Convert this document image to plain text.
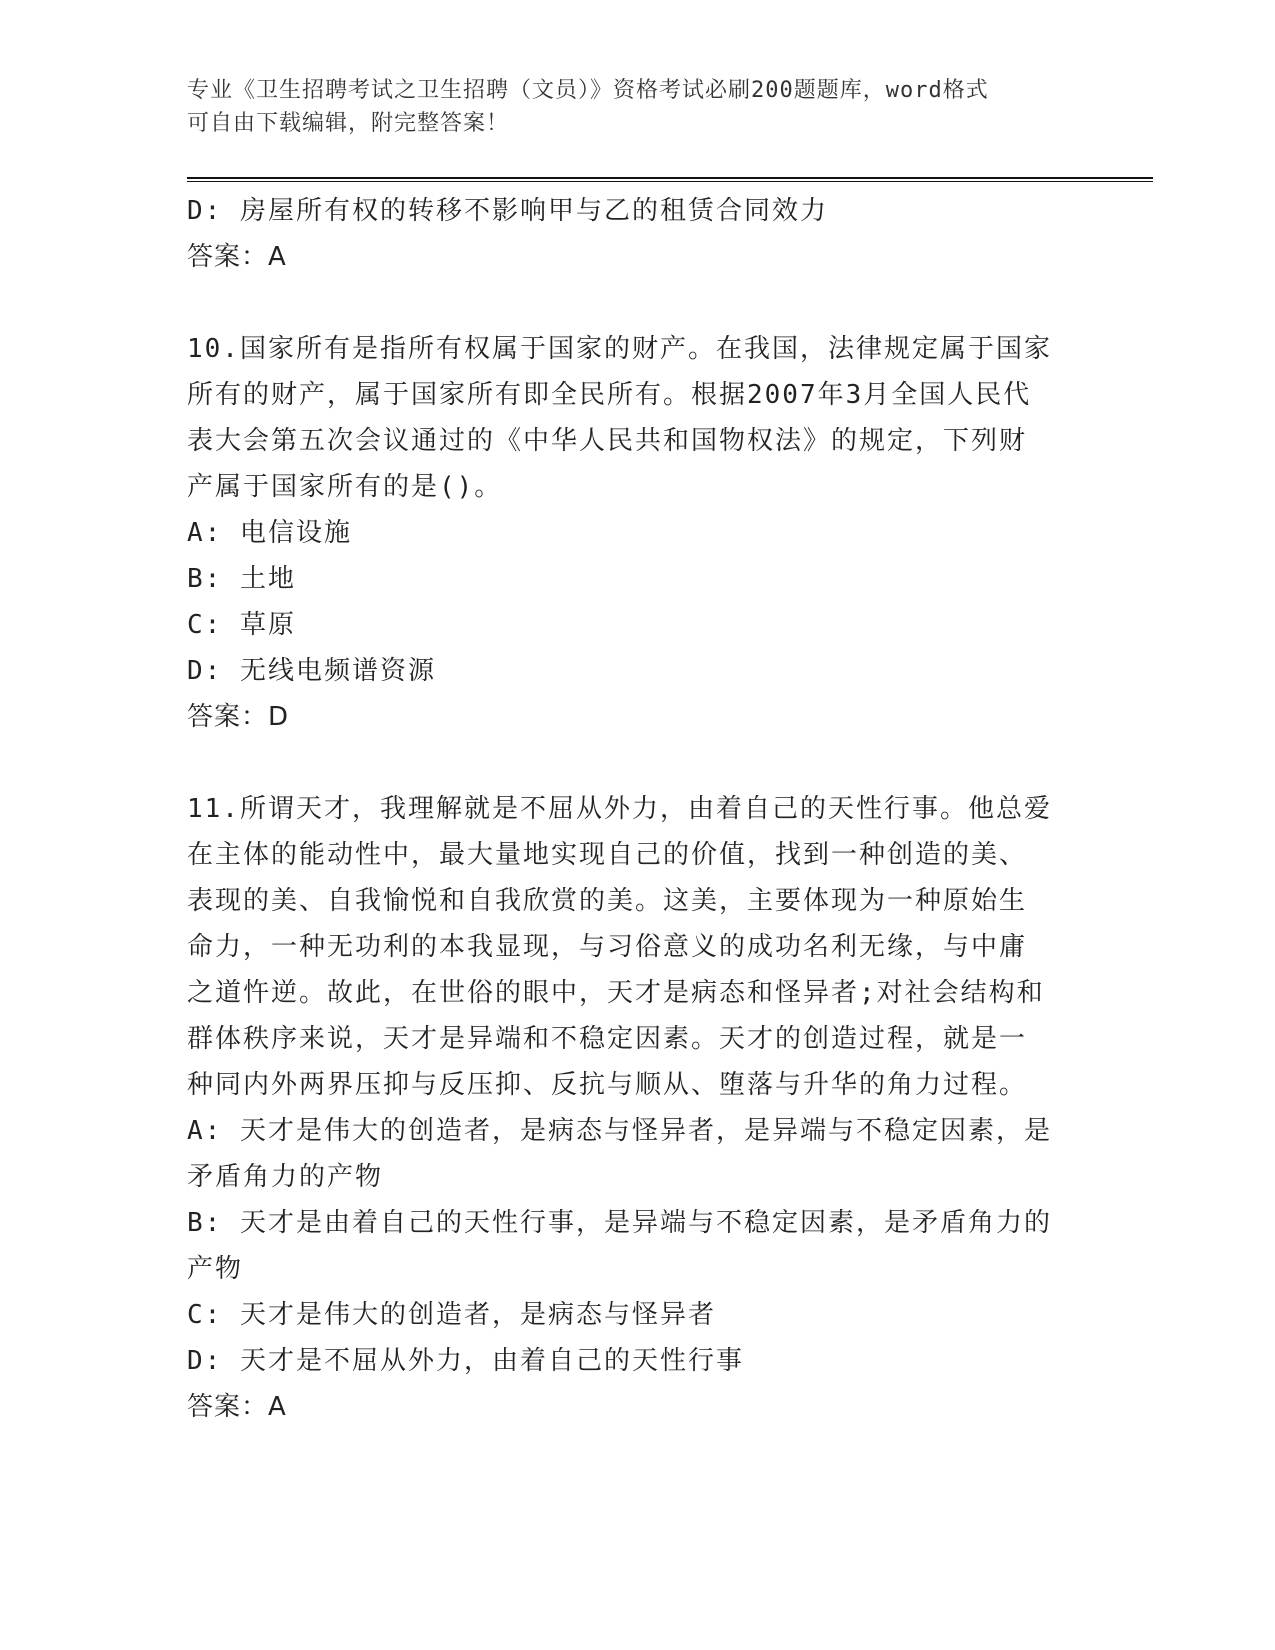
专业《卫生招聘考试之卫生招聘（文员）》资格考试必刷200题题库，word格式
可自由下载编辑，附完整答案！

D: 房屋所有权的转移不影响甲与乙的租赁合同效力

答案：A

10.国家所有是指所有权属于国家的财产。在我国，法律规定属于国家

所有的财产，属于国家所有即全民所有。根据2007年3月全国人民代

表大会第五次会议通过的《中华人民共和国物权法》的规定，下列财

产属于国家所有的是()。

A: 电信设施

B: 土地

C: 草原

D: 无线电频谱资源

答案：D

11.所谓天才，我理解就是不屈从外力，由着自己的天性行事。他总爱

在主体的能动性中，最大量地实现自己的价值，找到一种创造的美、

表现的美、自我愉悦和自我欣赏的美。这美，主要体现为一种原始生

命力，一种无功利的本我显现，与习俗意义的成功名利无缘，与中庸

之道忤逆。故此，在世俗的眼中，天才是病态和怪异者;对社会结构和

群体秩序来说，天才是异端和不稳定因素。天才的创造过程，就是一

种同内外两界压抑与反压抑、反抗与顺从、堕落与升华的角力过程。

A: 天才是伟大的创造者，是病态与怪异者，是异端与不稳定因素，是

矛盾角力的产物

B: 天才是由着自己的天性行事，是异端与不稳定因素，是矛盾角力的

产物

C: 天才是伟大的创造者，是病态与怪异者

D: 天才是不屈从外力，由着自己的天性行事

答案：A
